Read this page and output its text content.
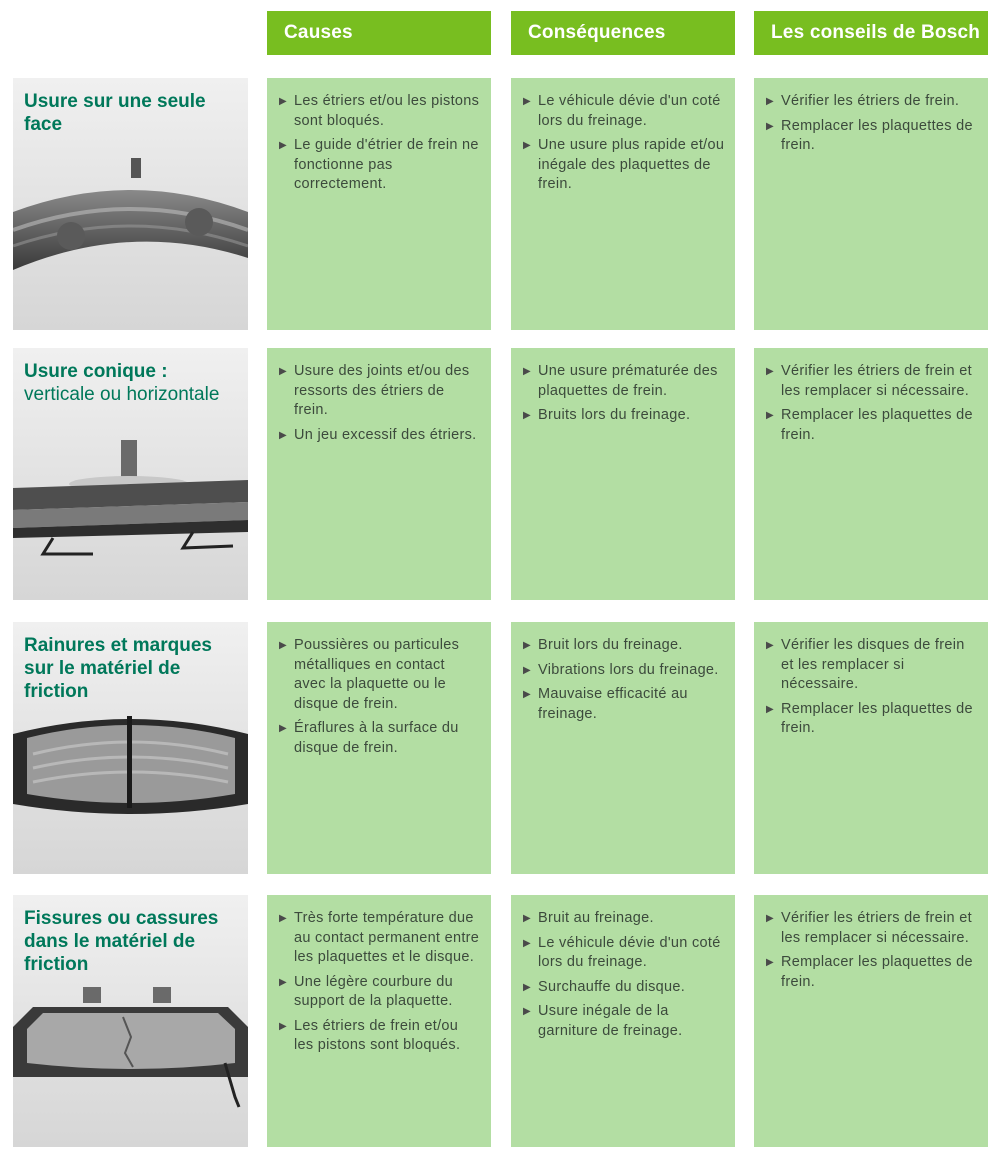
Causes	Conséquences	Les conseils de Bosch
Usure sur une seule face
▶ Les étriers et/ou les pistons sont bloqués.
▶ Le guide d'étrier de frein ne fonctionne pas correctement.
▶ Le véhicule dévie d'un coté lors du freinage.
▶ Une usure plus rapide et/ou inégale des plaquettes de frein.
▶ Vérifier les étriers de frein.
▶ Remplacer les plaquettes de frein.
Usure conique :
verticale ou horizontale
▶ Usure des joints et/ou des ressorts des étriers de frein.
▶ Un jeu excessif des étriers.
▶ Une usure prématurée des plaquettes de frein.
▶ Bruits lors du freinage.
▶ Vérifier les étriers de frein et les remplacer si nécessaire.
▶ Remplacer les plaquettes de frein.
Rainures et marques sur le matériel de friction
▶ Poussières ou particules métalliques en contact avec la plaquette ou le disque de frein.
▶ Éraflures à la surface du disque de frein.
▶ Bruit lors du freinage.
▶ Vibrations lors du freinage.
▶ Mauvaise efficacité au freinage.
▶ Vérifier les disques de frein et les remplacer si nécessaire.
▶ Remplacer les plaquettes de frein.
Fissures ou cassures dans le matériel de friction
▶ Très forte température due au contact permanent entre les plaquettes et le disque.
▶ Une légère courbure du support de la plaquette.
▶ Les étriers de frein et/ou les pistons sont bloqués.
▶ Bruit au freinage.
▶ Le véhicule dévie d'un coté lors du freinage.
▶ Surchauffe du disque.
▶ Usure inégale de la garniture de freinage.
▶ Vérifier les étriers de frein et les remplacer si nécessaire.
▶ Remplacer les plaquettes de frein.
